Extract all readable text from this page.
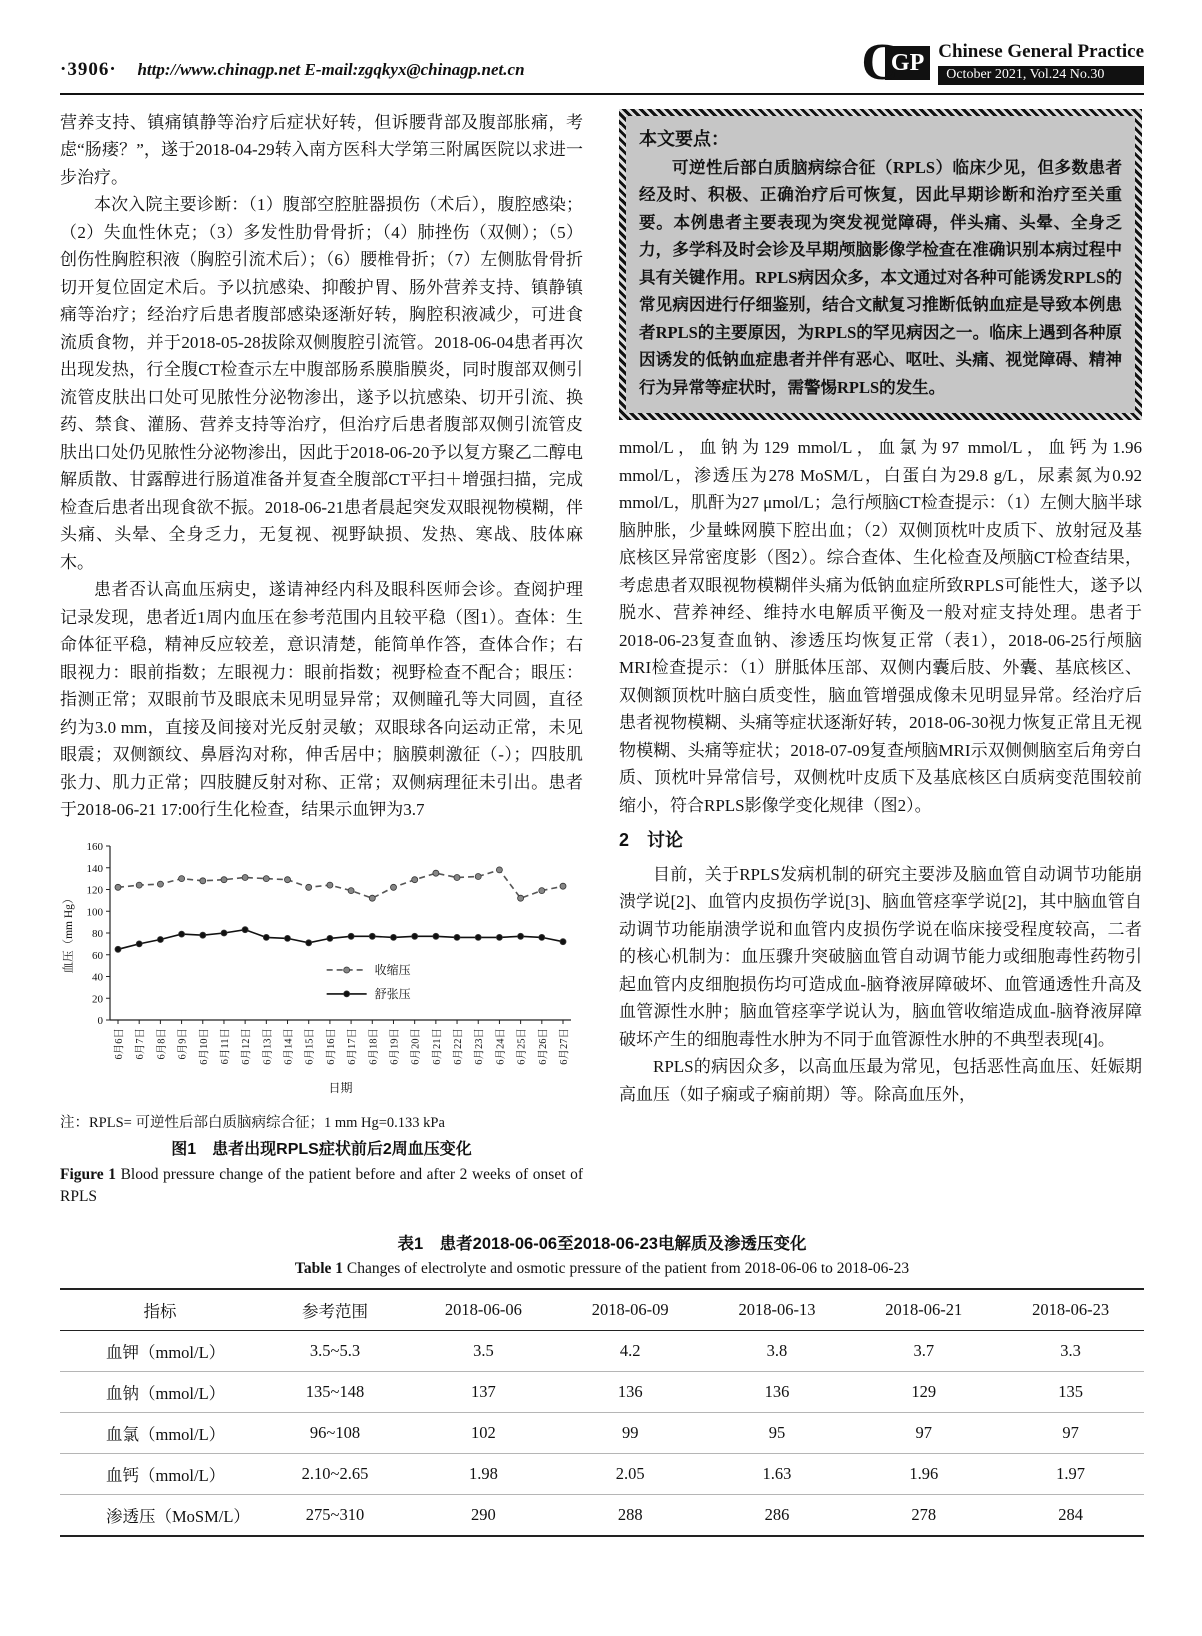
·3906· http://www.chinagp.net E-mail:zgqkyx@chinagp.net.cn	C
GP Chinese General Practice
October 2021, Vol.24 No.30

营养支持、镇痛镇静等治疗后症状好转，但诉腰背部及腹部胀痛，考虑“肠瘘？”，遂于2018-04-29转入南方医科大学第三附属医院以求进一步治疗。

本次入院主要诊断：（1）腹部空腔脏器损伤（术后），腹腔感染；（2）失血性休克；（3）多发性肋骨骨折；（4）肺挫伤（双侧）；（5）创伤性胸腔积液（胸腔引流术后）；（6）腰椎骨折；（7）左侧肱骨骨折切开复位固定术后。予以抗感染、抑酸护胃、肠外营养支持、镇静镇痛等治疗；经治疗后患者腹部感染逐渐好转，胸腔积液减少，可进食流质食物，并于2018-05-28拔除双侧腹腔引流管。2018-06-04患者再次出现发热，行全腹CT检查示左中腹部肠系膜脂膜炎，同时腹部双侧引流管皮肤出口处可见脓性分泌物渗出，遂予以抗感染、切开引流、换药、禁食、灌肠、营养支持等治疗，但治疗后患者腹部双侧引流管皮肤出口处仍见脓性分泌物渗出，因此于2018-06-20予以复方聚乙二醇电解质散、甘露醇进行肠道准备并复查全腹部CT平扫＋增强扫描，完成检查后患者出现食欲不振。2018-06-21患者晨起突发双眼视物模糊，伴头痛、头晕、全身乏力，无复视、视野缺损、发热、寒战、肢体麻木。

患者否认高血压病史，遂请神经内科及眼科医师会诊。查阅护理记录发现，患者近1周内血压在参考范围内且较平稳（图1）。查体：生命体征平稳，精神反应较差，意识清楚，能简单作答，查体合作；右眼视力：眼前指数；左眼视力：眼前指数；视野检查不配合；眼压：指测正常；双眼前节及眼底未见明显异常；双侧瞳孔等大同圆，直径约为3.0 mm，直接及间接对光反射灵敏；双眼球各向运动正常，未见眼震；双侧额纹、鼻唇沟对称，伸舌居中；脑膜刺激征（-）；四肢肌张力、肌力正常；四肢腱反射对称、正常；双侧病理征未引出。患者于2018-06-21 17:00行生化检查，结果示血钾为3.7

0
20
40
60
80
100
120
140
160
6月6日 6月7日 6月8日 6月9日 6月10日 6月11日 6月12日 6月13日 6月14日 6月15日 6月16日 6月17日 6月18日 6月19日 6月20日 6月21日 6月22日 6月23日 6月24日 6月25日 6月26日 6月27日
收缩压
舒张压
血压（mm Hg）
日期
注：RPLS= 可逆性后部白质脑病综合征；1 mm Hg=0.133 kPa
图1　患者出现RPLS症状前后2周血压变化
Figure 1 Blood pressure change of the patient before and after 2 weeks of onset of RPLS
本文要点：
可逆性后部白质脑病综合征（RPLS）临床少见，但多数患者经及时、积极、正确治疗后可恢复，因此早期诊断和治疗至关重要。本例患者主要表现为突发视觉障碍，伴头痛、头晕、全身乏力，多学科及时会诊及早期颅脑影像学检查在准确识别本病过程中具有关键作用。RPLS病因众多，本文通过对各种可能诱发RPLS的常见病因进行仔细鉴别，结合文献复习推断低钠血症是导致本例患者RPLS的主要原因，为RPLS的罕见病因之一。临床上遇到各种原因诱发的低钠血症患者并伴有恶心、呕吐、头痛、视觉障碍、精神行为异常等症状时，需警惕RPLS的发生。

mmol/L，血钠为129 mmol/L，血氯为97 mmol/L，血钙为1.96 mmol/L，渗透压为278 MoSM/L，白蛋白为29.8 g/L，尿素氮为0.92 mmol/L，肌酐为27 μmol/L；急行颅脑CT检查提示：（1）左侧大脑半球脑肿胀，少量蛛网膜下腔出血；（2）双侧顶枕叶皮质下、放射冠及基底核区异常密度影（图2）。综合查体、生化检查及颅脑CT检查结果，考虑患者双眼视物模糊伴头痛为低钠血症所致RPLS可能性大，遂予以脱水、营养神经、维持水电解质平衡及一般对症支持处理。患者于2018-06-23复查血钠、渗透压均恢复正常（表1），2018-06-25行颅脑MRI检查提示：（1）胼胝体压部、双侧内囊后肢、外囊、基底核区、双侧额顶枕叶脑白质变性，脑血管增强成像未见明显异常。经治疗后患者视物模糊、头痛等症状逐渐好转，2018-06-30视力恢复正常且无视物模糊、头痛等症状；2018-07-09复查颅脑MRI示双侧侧脑室后角旁白质、顶枕叶异常信号，双侧枕叶皮质下及基底核区白质病变范围较前缩小，符合RPLS影像学变化规律（图2）。

2　讨论

目前，关于RPLS发病机制的研究主要涉及脑血管自动调节功能崩溃学说[2]、血管内皮损伤学说[3]、脑血管痉挛学说[2]，其中脑血管自动调节功能崩溃学说和血管内皮损伤学说在临床接受程度较高，二者的核心机制为：血压骤升突破脑血管自动调节能力或细胞毒性药物引起血管内皮细胞损伤均可造成血-脑脊液屏障破坏、血管通透性升高及血管源性水肿；脑血管痉挛学说认为，脑血管收缩造成血-脑脊液屏障破坏产生的细胞毒性水肿为不同于血管源性水肿的不典型表现[4]。

RPLS的病因众多，以高血压最为常见，包括恶性高血压、妊娠期高血压（如子痫或子痫前期）等。除高血压外，

表1　患者2018-06-06至2018-06-23电解质及渗透压变化
Table 1 Changes of electrolyte and osmotic pressure of the patient from 2018-06-06 to 2018-06-23
指标	参考范围	2018-06-06	2018-06-09	2018-06-13	2018-06-21	2018-06-23
血钾（mmol/L）	3.5~5.3	3.5	4.2	3.8	3.7	3.3
血钠（mmol/L）	135~148	137	136	136	129	135
血氯（mmol/L）	96~108	102	99	95	97	97
血钙（mmol/L）	2.10~2.65	1.98	2.05	1.63	1.96	1.97
渗透压（MoSM/L）	275~310	290	288	286	278	284
